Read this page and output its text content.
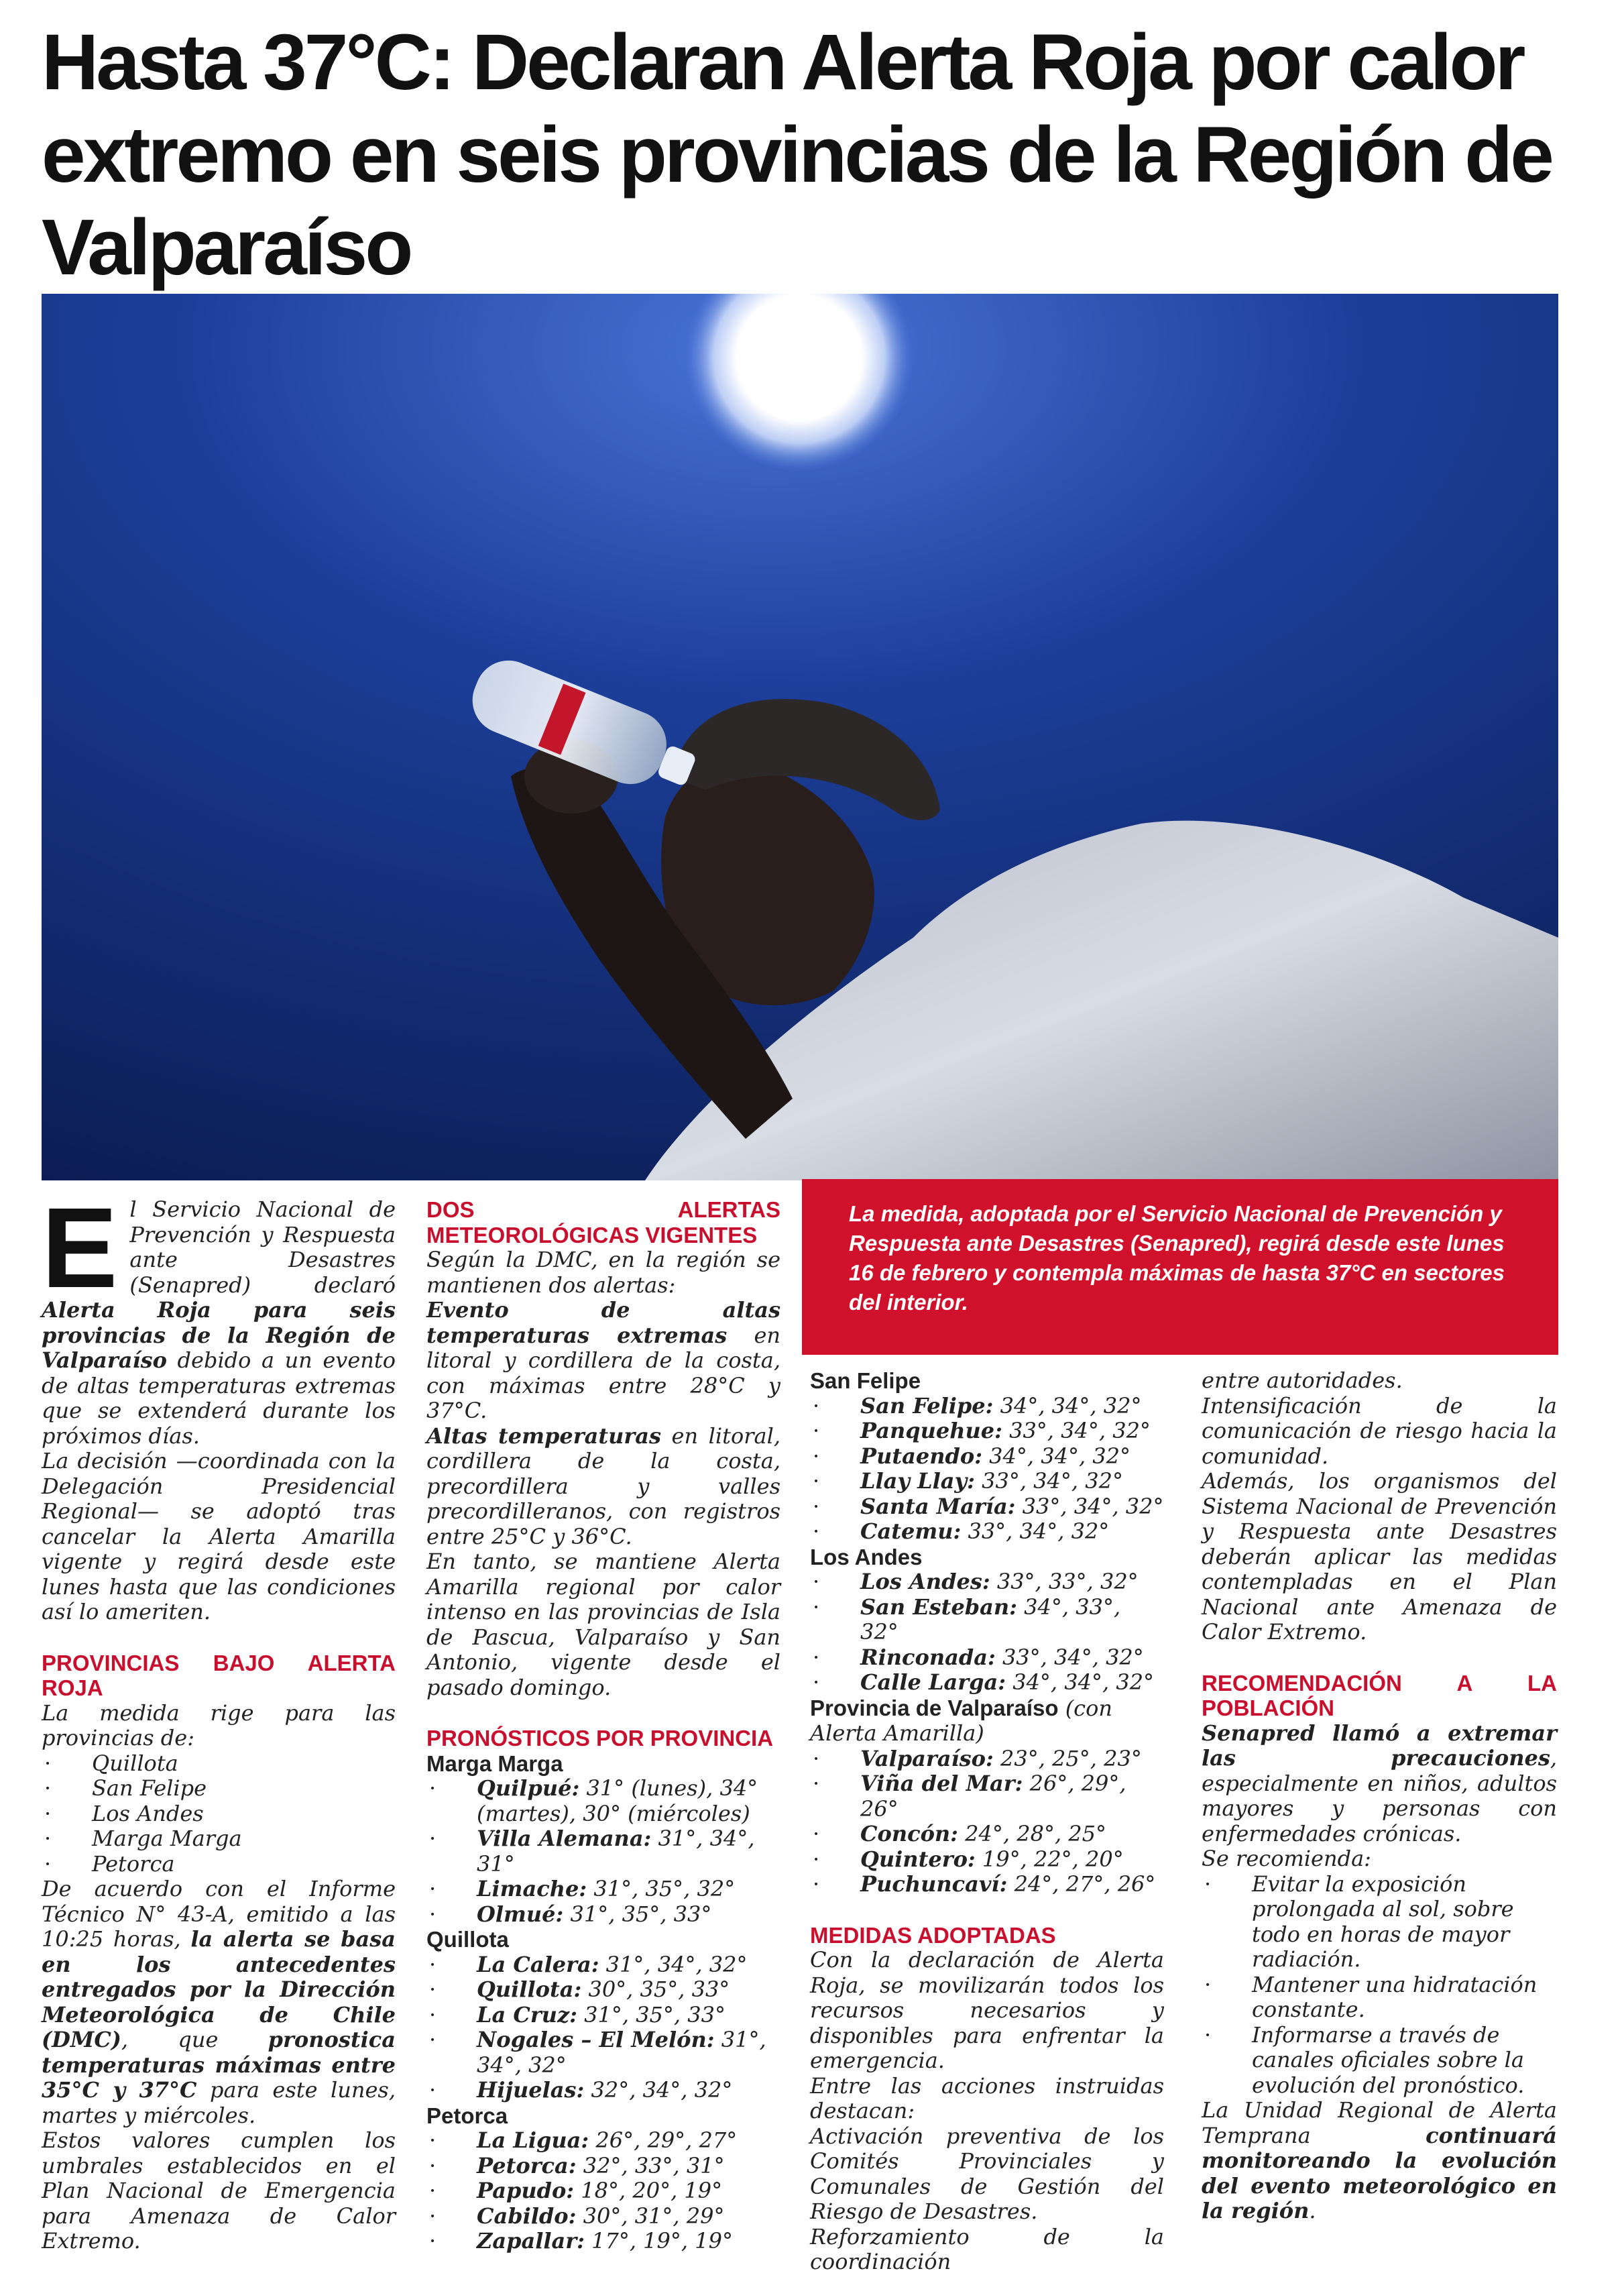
Hasta 37°C: Declaran Alerta Roja por calor extremo en seis provincias de la Región de Valparaíso
La medida, adoptada por el Servicio Nacional de Prevención y Respuesta ante Desastres (Senapred), regirá desde este lunes 16 de febrero y contempla máximas de hasta 37°C en sectores del interior.

El Servicio Nacional de Prevención y Respuesta ante Desastres (Senapred) declaró Alerta Roja para seis provincias de la Región de Valparaíso debido a un evento de altas temperaturas extremas que se extenderá durante los próximos días.

La decisión —coordinada con la Delegación Presidencial Regional— se adoptó tras cancelar la Alerta Amarilla vigente y regirá desde este lunes hasta que las condiciones así lo ameriten.

PROVINCIAS BAJO ALERTA ROJA

La medida rige para las provincias de:

· Quillota
· San Felipe
· Los Andes
· Marga Marga
· Petorca

De acuerdo con el Informe Técnico N° 43-A, emitido a las 10:25 horas, la alerta se basa en los antecedentes entregados por la Dirección Meteorológica de Chile (DMC), que pronostica temperaturas máximas entre 35°C y 37°C para este lunes, martes y miércoles.

Estos valores cumplen los umbrales establecidos en el Plan Nacional de Emergencia para Amenaza de Calor Extremo.

DOS ALERTAS METEOROLÓGICAS VIGENTES

Según la DMC, en la región se mantienen dos alertas:

Evento de altas temperaturas extremas en litoral y cordillera de la costa, con máximas entre 28°C y 37°C.

Altas temperaturas en litoral, cordillera de la costa, precordillera y valles precordilleranos, con registros entre 25°C y 36°C.

En tanto, se mantiene Alerta Amarilla regional por calor intenso en las provincias de Isla de Pascua, Valparaíso y San Antonio, vigente desde el pasado domingo.

PRONÓSTICOS POR PROVINCIA

Marga Marga
· Quilpué: 31° (lunes), 34° (martes), 30° (miércoles)
· Villa Alemana: 31°, 34°, 31°
· Limache: 31°, 35°, 32°
· Olmué: 31°, 35°, 33°
Quillota
· La Calera: 31°, 34°, 32°
· Quillota: 30°, 35°, 33°
· La Cruz: 31°, 35°, 33°
· Nogales – El Melón: 31°, 34°, 32°
· Hijuelas: 32°, 34°, 32°
Petorca
· La Ligua: 26°, 29°, 27°
· Petorca: 32°, 33°, 31°
· Papudo: 18°, 20°, 19°
· Cabildo: 30°, 31°, 29°
· Zapallar: 17°, 19°, 19°
San Felipe
· San Felipe: 34°, 34°, 32°
· Panquehue: 33°, 34°, 32°
· Putaendo: 34°, 34°, 32°
· Llay Llay: 33°, 34°, 32°
· Santa María: 33°, 34°, 32°
· Catemu: 33°, 34°, 32°
Los Andes
· Los Andes: 33°, 33°, 32°
· San Esteban: 34°, 33°, 32°
· Rinconada: 33°, 34°, 32°
· Calle Larga: 34°, 34°, 32°
Provincia de Valparaíso (con Alerta Amarilla)
· Valparaíso: 23°, 25°, 23°
· Viña del Mar: 26°, 29°, 26°
· Concón: 24°, 28°, 25°
· Quintero: 19°, 22°, 20°
· Puchuncaví: 24°, 27°, 26°

MEDIDAS ADOPTADAS

Con la declaración de Alerta Roja, se movilizarán todos los recursos necesarios y disponibles para enfrentar la emergencia.

Entre las acciones instruidas destacan:

Activación preventiva de los Comités Provinciales y Comunales de Gestión del Riesgo de Desastres.

Reforzamiento de la coordinación

entre autoridades.

Intensificación de la comunicación de riesgo hacia la comunidad.

Además, los organismos del Sistema Nacional de Prevención y Respuesta ante Desastres deberán aplicar las medidas contempladas en el Plan Nacional ante Amenaza de Calor Extremo.

RECOMENDACIÓN A LA POBLACIÓN

Senapred llamó a extremar las precauciones, especialmente en niños, adultos mayores y personas con enfermedades crónicas.

Se recomienda:

· Evitar la exposición prolongada al sol, sobre todo en horas de mayor radiación.
· Mantener una hidratación constante.
· Informarse a través de canales oficiales sobre la evolución del pronóstico.

La Unidad Regional de Alerta Temprana continuará monitoreando la evolución del evento meteorológico en la región.
